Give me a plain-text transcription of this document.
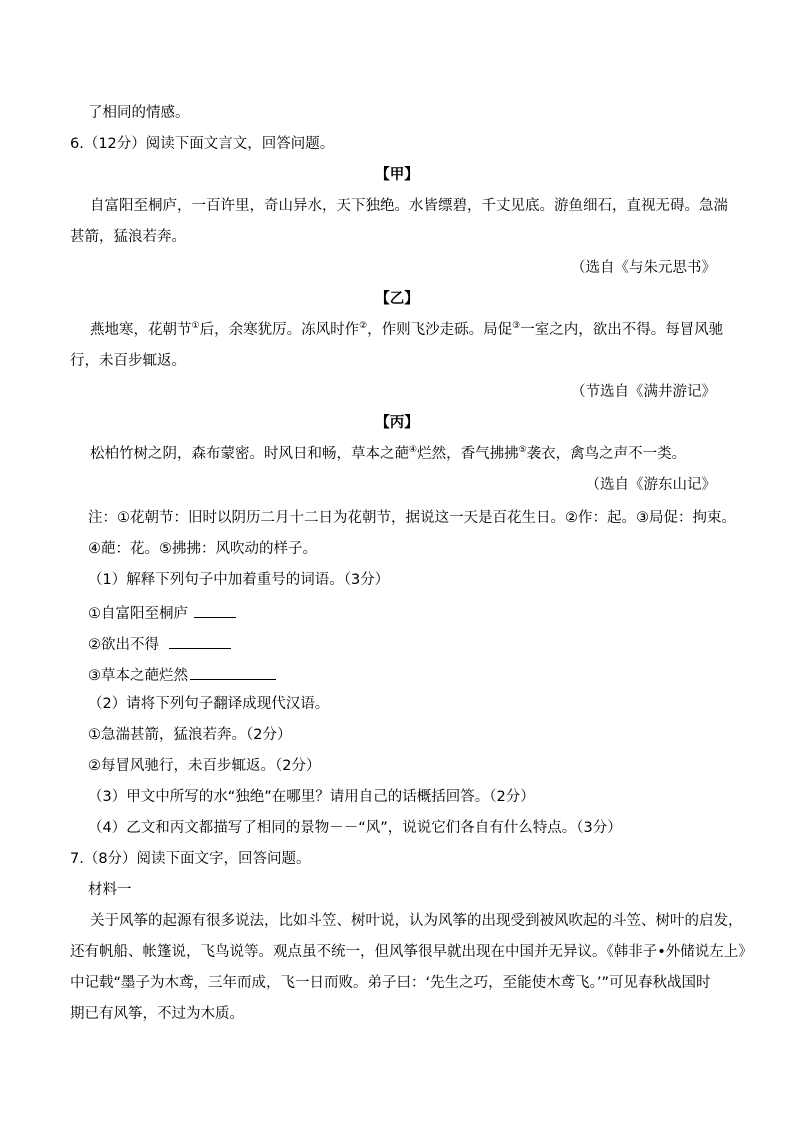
了相同的情感。
6.（12分）阅读下面文言文，回答问题。
【甲】
自富阳至桐庐，一百许里，奇山异水，天下独绝。水皆缥碧，千丈见底。游鱼细石，直视无碍。急湍
甚箭，猛浪若奔。
（选自《与朱元思书》
【乙】
燕地寒，花朝节①后，余寒犹厉。冻风时作②，作则飞沙走砾。局促③一室之内，欲出不得。每冒风驰
行，未百步辄返。
（节选自《满井游记》
【丙】
松柏竹树之阴，森布蒙密。时风日和畅，草本之葩④烂然，香气拂拂⑤袭衣，禽鸟之声不一类。
（选自《游东山记》
注：①花朝节：旧时以阴历二月十二日为花朝节，据说这一天是百花生日。②作：起。③局促：拘束。
④葩：花。⑤拂拂：风吹动的样子。
（1）解释下列句子中加着重号的词语。（3分）
①自富阳至桐庐
②欲出不得
③草本之葩烂然
（2）请将下列句子翻译成现代汉语。
①急湍甚箭，猛浪若奔。（2分）
②每冒风驰行，未百步辄返。（2分）
（3）甲文中所写的水“独绝”在哪里？请用自己的话概括回答。（2分）
（4）乙文和丙文都描写了相同的景物－－“风”，说说它们各自有什么特点。（3分）
7.（8分）阅读下面文字，回答问题。
材料一
关于风筝的起源有很多说法，比如斗笠、树叶说，认为风筝的出现受到被风吹起的斗笠、树叶的启发，
还有帆船、帐篷说，飞鸟说等。观点虽不统一，但风筝很早就出现在中国并无异议。《韩非子•外储说左上》
中记载“墨子为木鸢，三年而成，飞一日而败。弟子曰：‘先生之巧，至能使木鸢飞。’”可见春秋战国时
期已有风筝，不过为木质。
